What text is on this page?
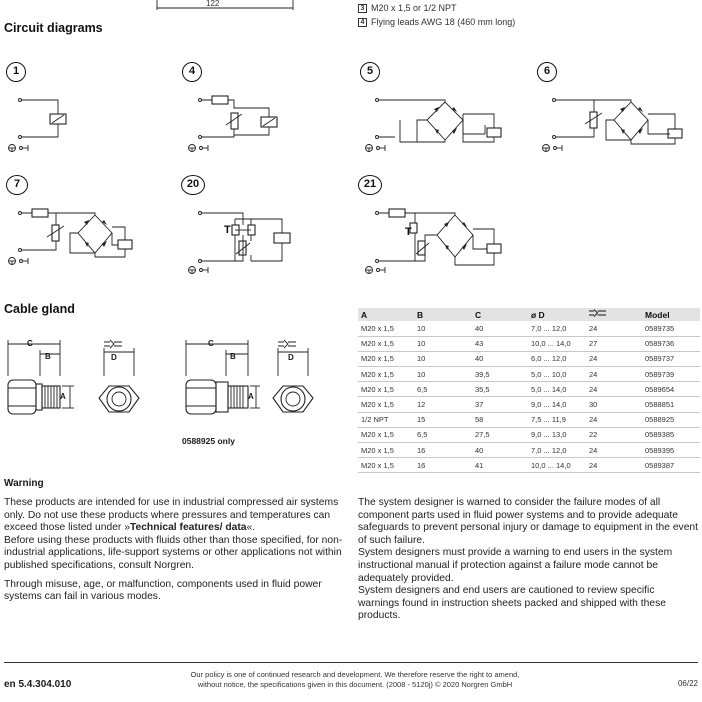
122	3 M20 x 1,5 or 1/2 NPT
4 Flying leads AWG 18 (460 mm long)
Circuit diagrams
1	4	5	6
7	20	21
T	T
Cable gland
C
B
A
D
C
B
A
D
0588925 only
A	B	C	ø D		Model
M20 x 1,5	10	40	7,0 ... 12,0	24	0589735
M20 x 1,5	10	43	10,0 ... 14,0	27	0589736
M20 x 1,5	10	40	6,0 ... 12,0	24	0589737
M20 x 1,5	10	39,5	5,0 ... 10,0	24	0589739
M20 x 1,5	6,5	35,5	5,0 ... 14,0	24	0589654
M20 x 1,5	12	37	9,0 ... 14,0	30	0588851
1/2 NPT	15	58	7,5 ... 11,9	24	0588925
M20 x 1,5	6,5	27,5	9,0 ... 13,0	22	0589385
M20 x 1,5	16	40	7,0 ... 12,0	24	0589395
M20 x 1,5	16	41	10,0 ... 14,0	24	0589387
Warning

These products are intended for use in industrial compressed air systems only. Do not use these products where pressures and temperatures can exceed those listed under »Technical features/ data«.

Before using these products with fluids other than those specified, for non-industrial applications, life-support systems or other applications not within published specifications, consult Norgren.

Through misuse, age, or malfunction, components used in fluid power systems can fail in various modes.

The system designer is warned to consider the failure modes of all component parts used in fluid power systems and to provide adequate safeguards to prevent personal injury or damage to equipment in the event of such failure.

System designers must provide a warning to end users in the system instructional manual if protection against a failure mode cannot be adequately provided.

System designers and end users are cautioned to review specific warnings found in instruction sheets packed and shipped with these products.

en 5.4.304.010
Our policy is one of continued research and development. We therefore reserve the right to amend,
without notice, the specifications given in this document. (2008 - 5120j) © 2020 Norgren GmbH	06/22
